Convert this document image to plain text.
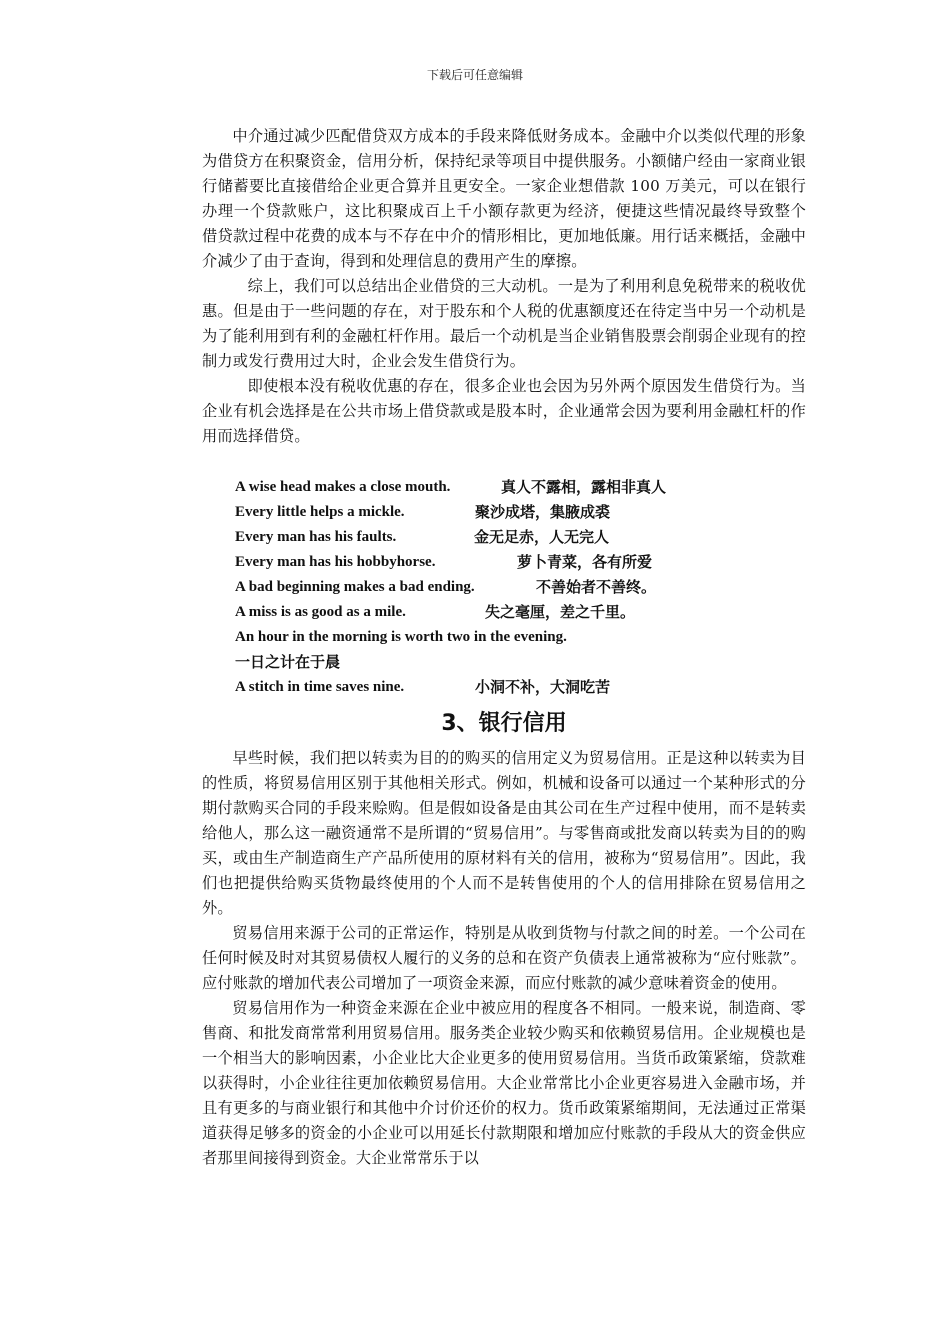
下载后可任意编辑

中介通过减少匹配借贷双方成本的手段来降低财务成本。金融中介以类似代理的形象为借贷方在积聚资金，信用分析，保持纪录等项目中提供服务。小额储户经由一家商业银行储蓄要比直接借给企业更合算并且更安全。一家企业想借款 100 万美元，可以在银行办理一个贷款账户，这比积聚成百上千小额存款更为经济，便捷这些情况最终导致整个 借贷款过程中花费的成本与不存在中介的情形相比，更加地低廉。用行话来概括，金融中介减少了由于查询，得到和处理信息的费用产生的摩擦。

综上，我们可以总结出企业借贷的三大动机。一是为了利用利息免税带来的税收优惠。但是由于一些问题的存在，对于股东和个人税的优惠额度还在待定当中另一个动机是为了能利用到有利的金融杠杆作用。最后一个动机是当企业销售股票会削弱企业现有的控制力或发行费用过大时，企业会发生借贷行为。

即使根本没有税收优惠的存在，很多企业也会因为另外两个原因发生借贷行为。当企业有机会选择是在公共市场上借贷款或是股本时，企业通常会因为要利用金融杠杆的作用而选择借贷。

A wise head makes a close mouth.	真人不露相，露相非真人
Every little helps a mickle.	聚沙成塔，集腋成裘
Every man has his faults.	金无足赤，人无完人
Every man has his hobbyhorse.	萝卜青菜，各有所爱
A bad beginning makes a bad ending.	不善始者不善终。
A miss is as good as a mile.	失之毫厘，差之千里。
An hour in the morning is worth two in the evening.
一日之计在于晨
A stitch in time saves nine.	小洞不补，大洞吃苦
3、银行信用

早些时候，我们把以转卖为目的的购买的信用定义为贸易信用。正是这种以转卖为目的性质，将贸易信用区别于其他相关形式。例如，机械和设备可以通过一个某种形式的分期付款购买合同的手段来赊购。但是假如设备是由其公司在生产过程中使用，而不是转卖给他人，那么这一融资通常不是所谓的“贸易信用”。与零售商或批发商以转卖为目的的购买，或由生产制造商生产产品所使用的原材料有关的信用，被称为“贸易信用”。因此，我们也把提供给购买货物最终使用的个人而不是转售使用的个人的信用排除在贸易信用之外。

贸易信用来源于公司的正常运作，特别是从收到货物与付款之间的时差。一个公司在任何时候及时对其贸易债权人履行的义务的总和在资产负债表上通常被称为“应付账款”。应付账款的增加代表公司增加了一项资金来源，而应付账款的减少意味着资金的使用。

贸易信用作为一种资金来源在企业中被应用的程度各不相同。一般来说，制造商、零售商、和批发商常常利用贸易信用。服务类企业较少购买和依赖贸易信用。企业规模也是一个相当大的影响因素，小企业比大企业更多的使用贸易信用。当货币政策紧缩，贷款难以获得时，小企业往往更加依赖贸易信用。大企业常常比小企业更容易进入金融市场，并且有更多的与商业银行和其他中介讨价还价的权力。货币政策紧缩期间，无法通过正常渠道获得足够多的资金的小企业可以用延长付款期限和增加应付账款的手段从大的资金供应者那里间接得到资金。大企业常常乐于以
